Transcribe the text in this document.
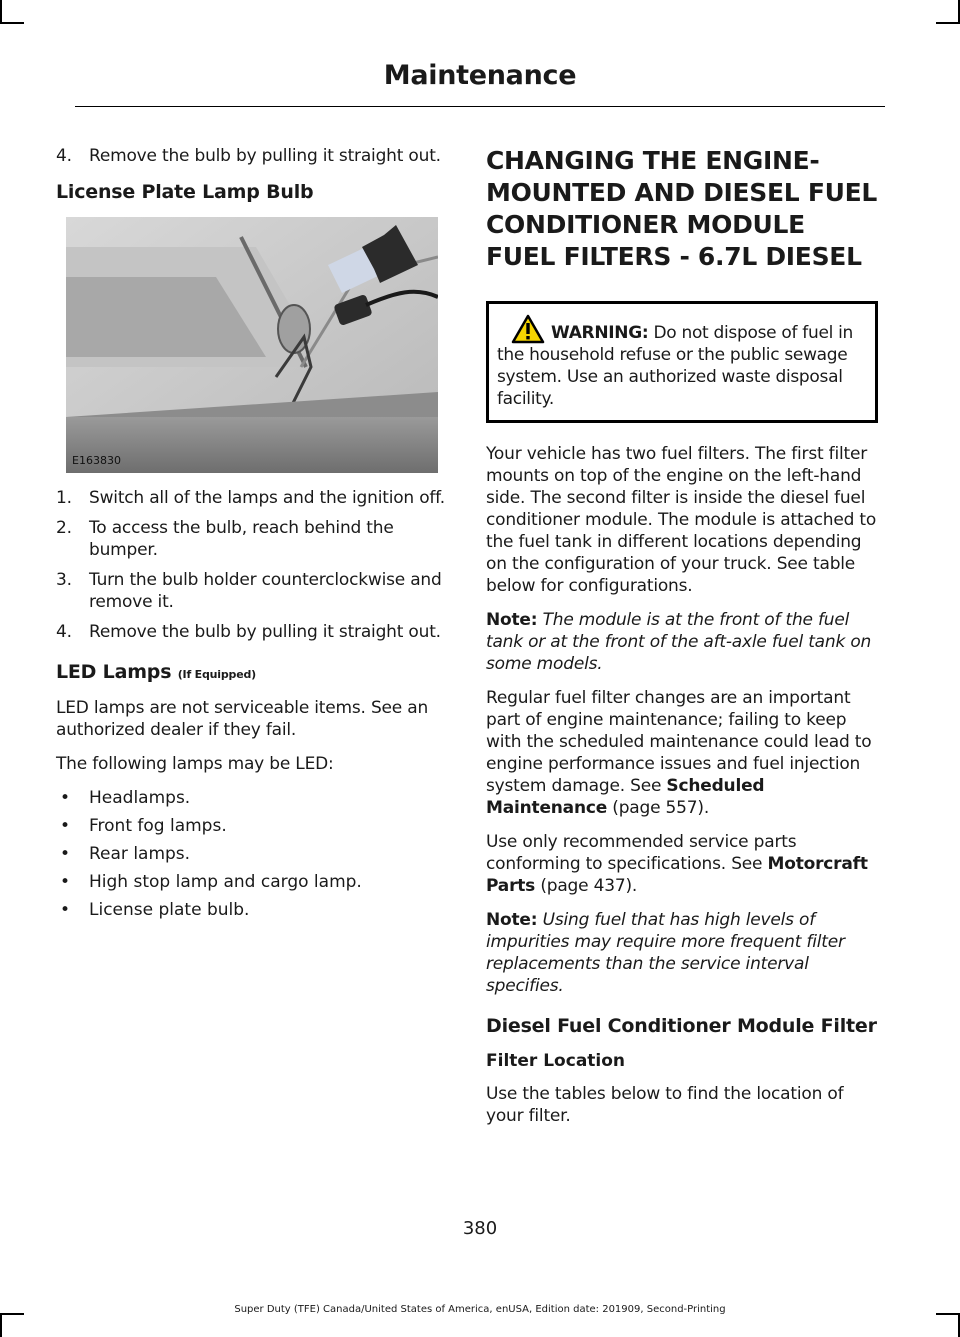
Maintenance
4. Remove the bulb by pulling it straight out.
License Plate Lamp Bulb
E163830
1. Switch all of the lamps and the ignition off.
2. To access the bulb, reach behind the bumper.
3. Turn the bulb holder counterclockwise and remove it.
4. Remove the bulb by pulling it straight out.
LED Lamps (If Equipped)

LED lamps are not serviceable items. See an authorized dealer if they fail.

The following lamps may be LED:

• Headlamps.
• Front fog lamps.
• Rear lamps.
• High stop lamp and cargo lamp.
• License plate bulb.
CHANGING THE ENGINE-MOUNTED AND DIESEL FUEL CONDITIONER MODULE FUEL FILTERS - 6.7L DIESEL
WARNING: Do not dispose of fuel in the household refuse or the public sewage system. Use an authorized waste disposal facility.

Your vehicle has two fuel filters. The first filter mounts on top of the engine on the left-hand side. The second filter is inside the diesel fuel conditioner module. The module is attached to the fuel tank in different locations depending on the configuration of your truck. See table below for configurations.

Note: The module is at the front of the fuel tank or at the front of the aft-axle fuel tank on some models.

Regular fuel filter changes are an important part of engine maintenance; failing to keep with the scheduled maintenance could lead to engine performance issues and fuel injection system damage. See Scheduled Maintenance (page 557).

Use only recommended service parts conforming to specifications. See Motorcraft Parts (page 437).

Note: Using fuel that has high levels of impurities may require more frequent filter replacements than the service interval specifies.

Diesel Fuel Conditioner Module Filter
Filter Location

Use the tables below to find the location of your filter.

380
Super Duty (TFE) Canada/United States of America, enUSA, Edition date: 201909, Second-Printing
